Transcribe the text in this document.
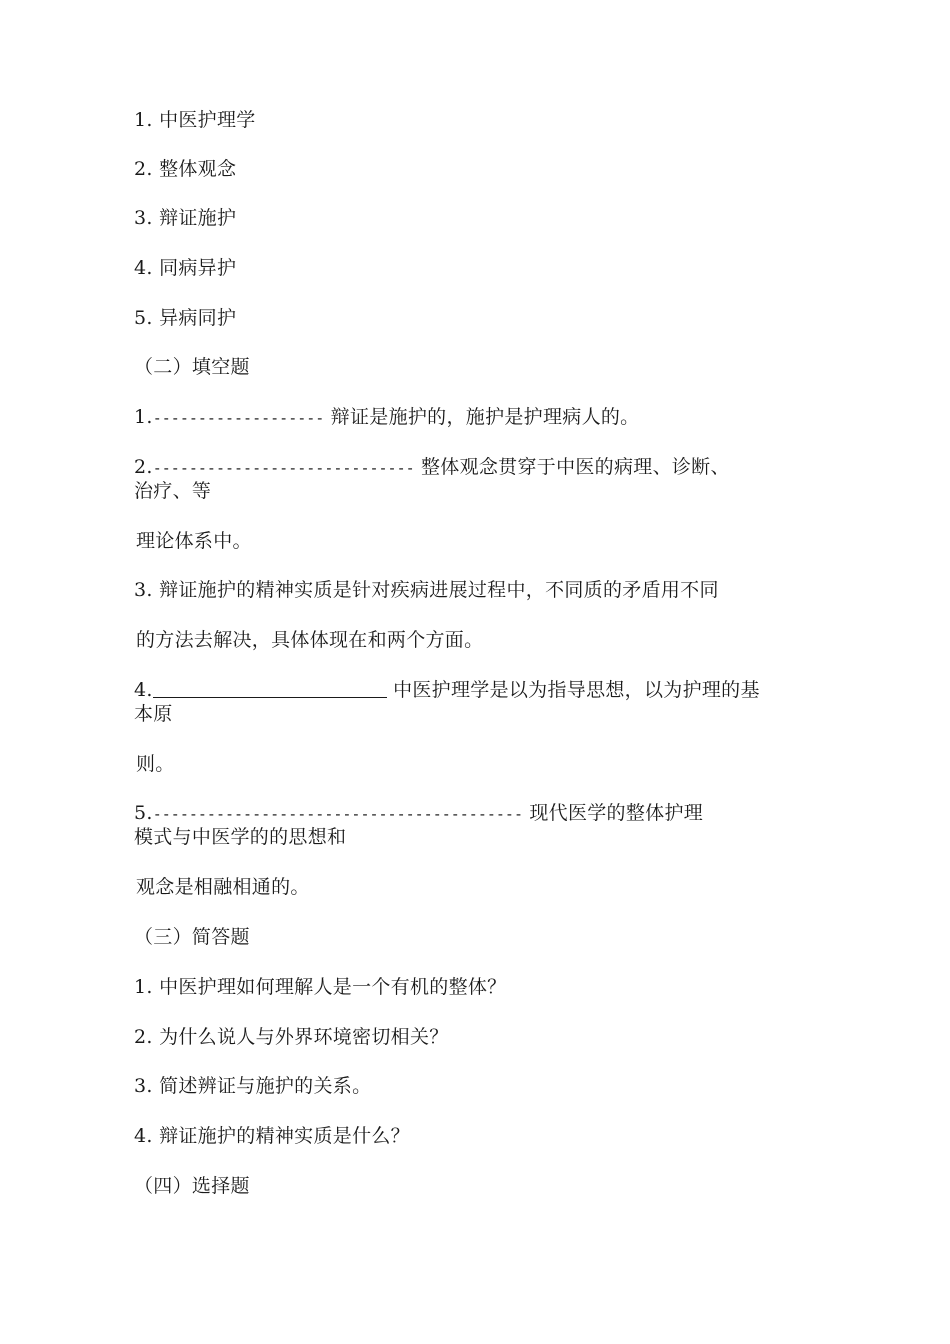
1. 中医护理学
2. 整体观念
3. 辩证施护
4. 同病异护
5. 异病同护
（二）填空题
1.------------------- 辩证是施护的，施护是护理病人的。
2.----------------------------- 整体观念贯穿于中医的病理、诊断、
治疗、等
理论体系中。
3. 辩证施护的精神实质是针对疾病进展过程中，不同质的矛盾用不同
的方法去解决，具体体现在和两个方面。
4.	中医护理学是以为指导思想，以为护理的基
本原
则。
5.----------------------------------------- 现代医学的整体护理
模式与中医学的的思想和
观念是相融相通的。
（三）简答题
1. 中医护理如何理解人是一个有机的整体？
2. 为什么说人与外界环境密切相关？
3. 简述辨证与施护的关系。
4. 辩证施护的精神实质是什么？
（四）选择题
